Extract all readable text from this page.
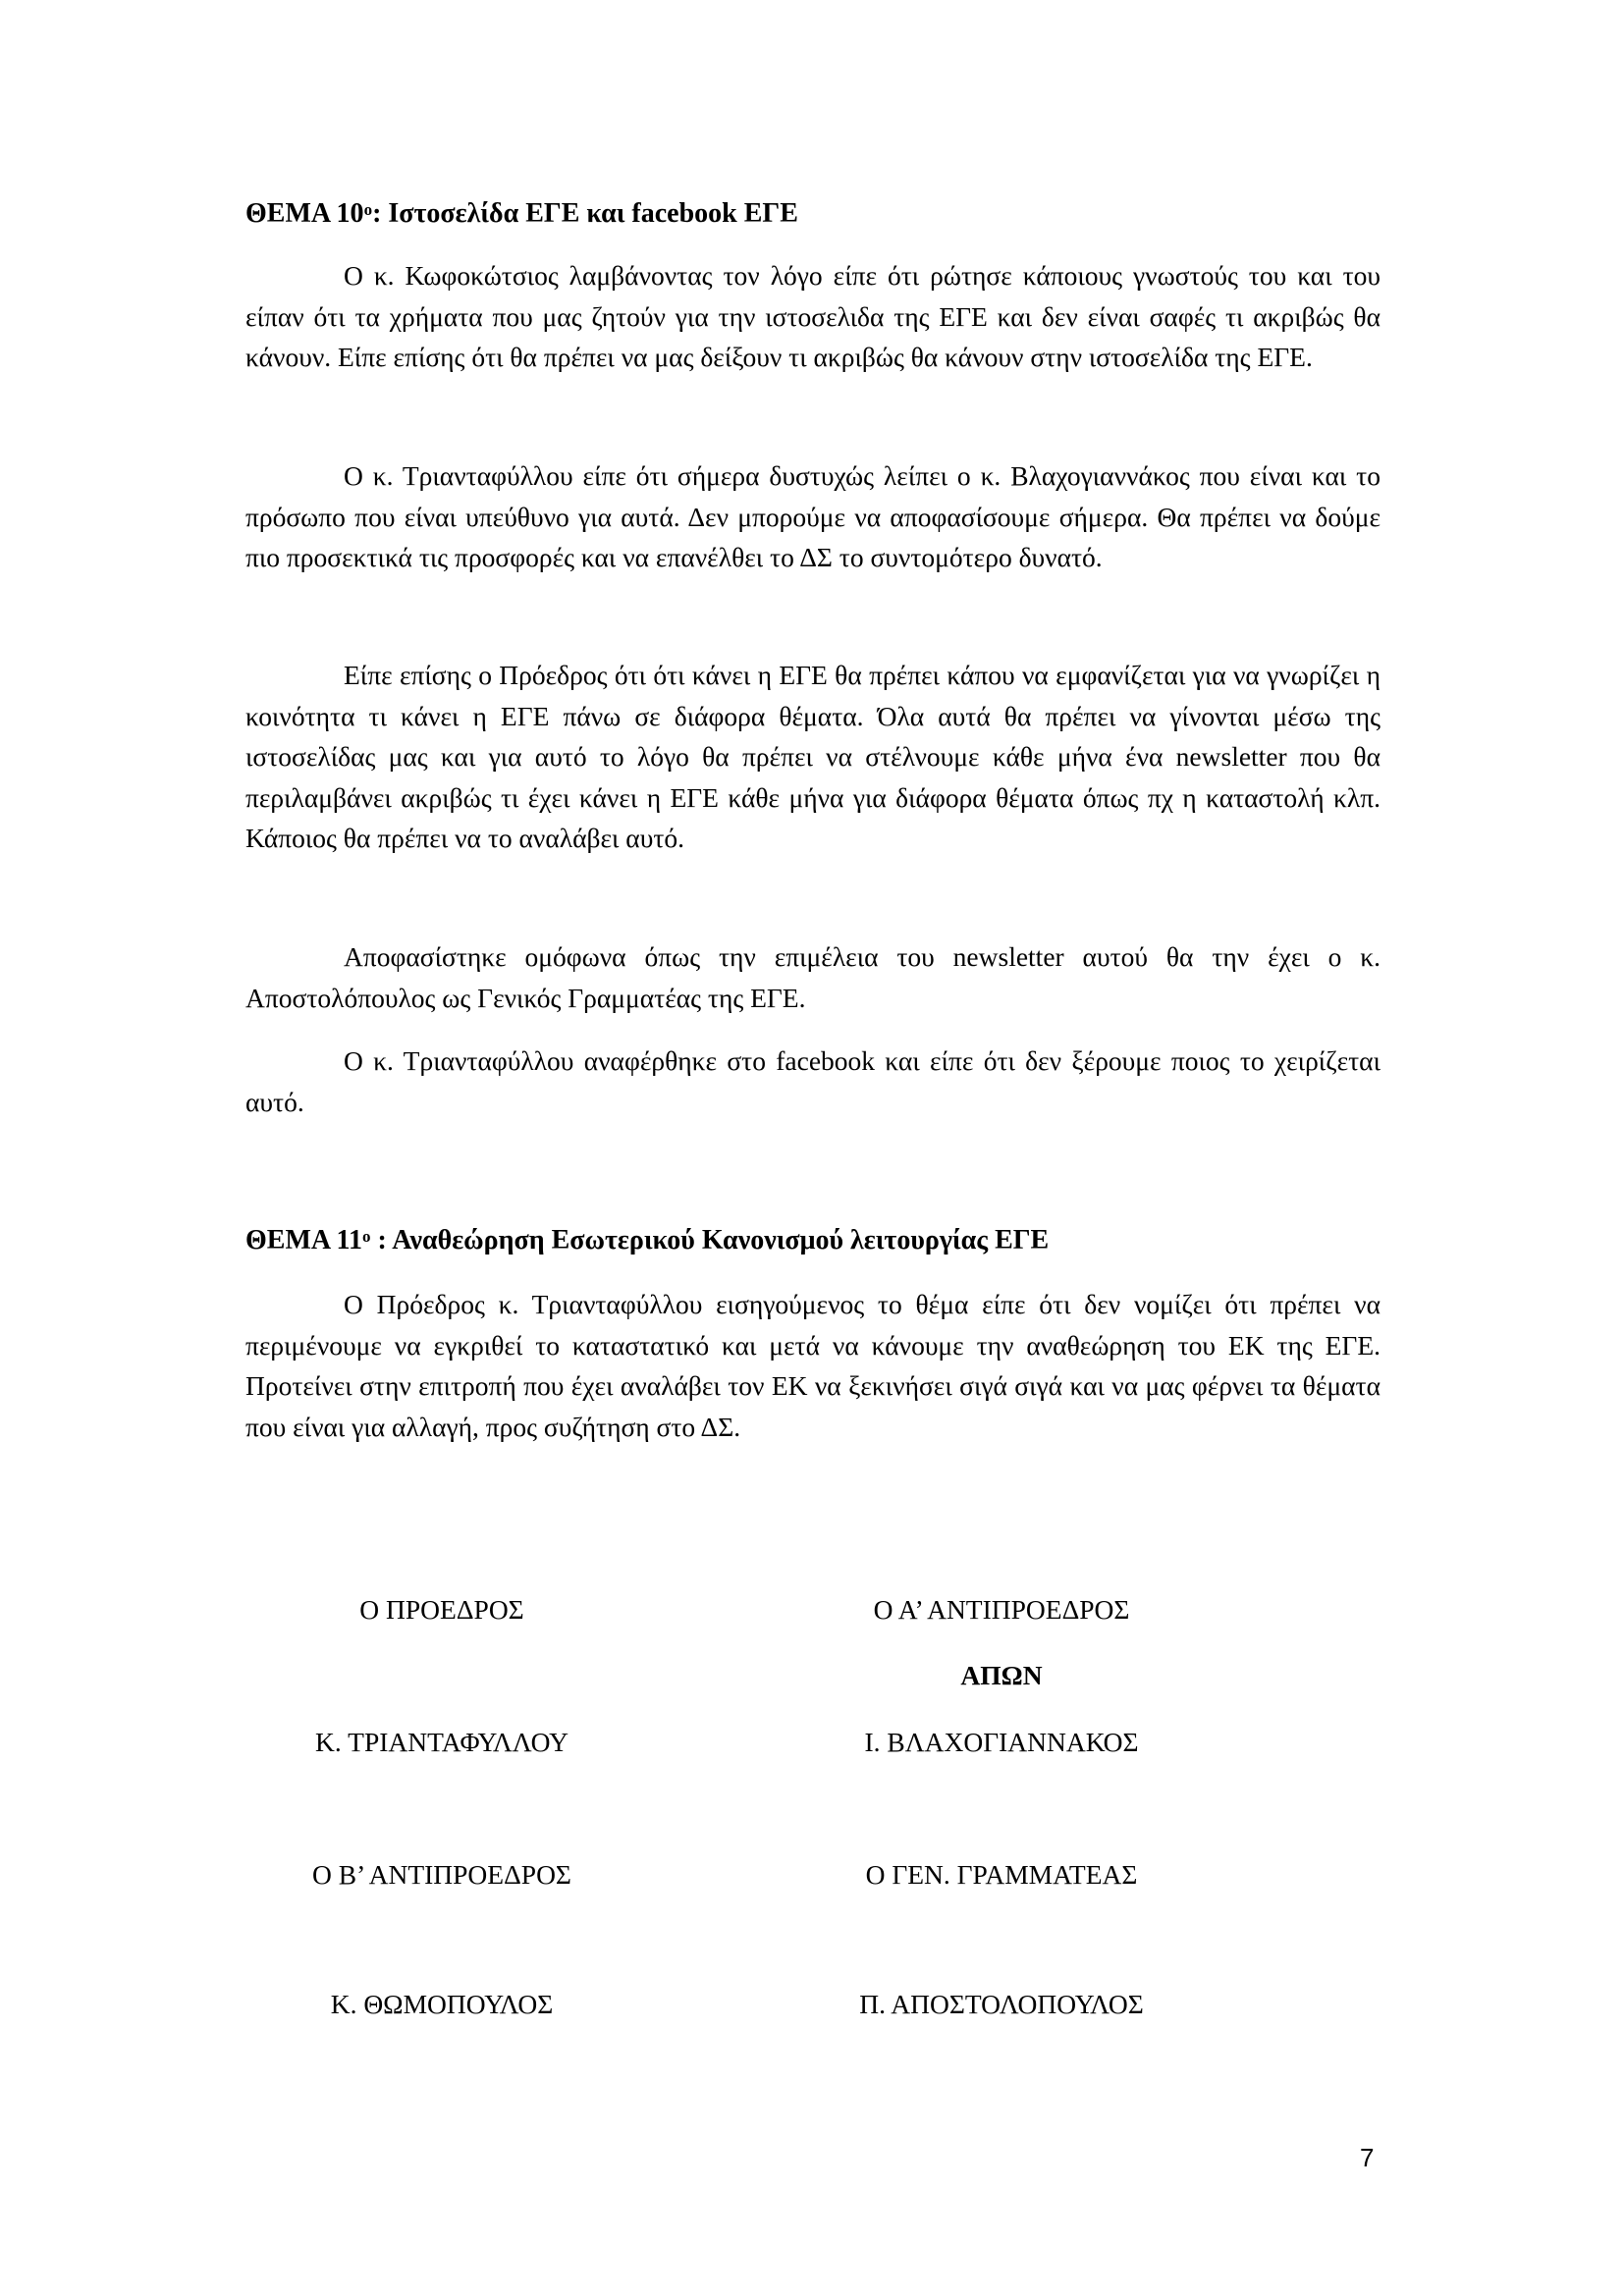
ΘΕΜΑ $10^o$: Ιστοσελίδα ΕΓΕ και facebook ΕΓΕ

Ο κ. Κωφοκώτσιος λαμβάνοντας τον λόγο είπε ότι ρώτησε κάποιους γνωστούς του και του είπαν ότι τα χρήματα που μας ζητούν για την ιστοσελιδα της ΕΓΕ και δεν είναι σαφές τι ακριβώς θα κάνουν. Είπε επίσης ότι θα πρέπει να μας δείξουν τι ακριβώς θα κάνουν στην ιστοσελίδα της ΕΓΕ.

Ο κ. Τριανταφύλλου είπε ότι σήμερα δυστυχώς λείπει ο κ. Βλαχογιαννάκος που είναι και το πρόσωπο που είναι υπεύθυνο για αυτά. Δεν μπορούμε να αποφασίσουμε σήμερα. Θα πρέπει να δούμε πιο προσεκτικά τις προσφορές και να επανέλθει το ΔΣ το συντομότερο δυνατό.

Είπε επίσης ο Πρόεδρος ότι ότι κάνει η ΕΓΕ θα πρέπει κάπου να εμφανίζεται για να γνωρίζει η κοινότητα τι κάνει η ΕΓΕ πάνω σε διάφορα θέματα. Όλα αυτά θα πρέπει να γίνονται μέσω της ιστοσελίδας μας και για αυτό το λόγο θα πρέπει να στέλνουμε κάθε μήνα ένα newsletter που θα περιλαμβάνει ακριβώς τι έχει κάνει η ΕΓΕ κάθε μήνα για διάφορα θέματα όπως πχ η καταστολή κλπ. Κάποιος θα πρέπει να το αναλάβει αυτό.

Αποφασίστηκε ομόφωνα όπως την επιμέλεια του newsletter αυτού θα την έχει ο κ. Αποστολόπουλος ως Γενικός Γραμματέας της ΕΓΕ.

Ο κ. Τριανταφύλλου αναφέρθηκε στο facebook και είπε ότι δεν ξέρουμε ποιος το χειρίζεται αυτό.

ΘΕΜΑ $11^o$ : Αναθεώρηση Εσωτερικού Κανονισμού λειτουργίας ΕΓΕ

Ο Πρόεδρος κ. Τριανταφύλλου εισηγούμενος το θέμα είπε ότι δεν νομίζει ότι πρέπει να περιμένουμε να εγκριθεί το καταστατικό και μετά να κάνουμε την αναθεώρηση του ΕΚ της ΕΓΕ. Προτείνει στην επιτροπή που έχει αναλάβει τον ΕΚ να ξεκινήσει σιγά σιγά και να μας φέρνει τα θέματα που είναι για αλλαγή, προς συζήτηση στο ΔΣ.

Ο ΠΡΟΕΔΡΟΣ	Ο Α’ ΑΝΤΙΠΡΟΕΔΡΟΣ
ΑΠΩΝ
Κ. ΤΡΙΑΝΤΑΦΥΛΛΟΥ	Ι. ΒΛΑΧΟΓΙΑΝΝΑΚΟΣ
Ο Β’ ΑΝΤΙΠΡΟΕΔΡΟΣ	Ο ΓΕΝ. ΓΡΑΜΜΑΤΕΑΣ
Κ. ΘΩΜΟΠΟΥΛΟΣ	Π. ΑΠΟΣΤΟΛΟΠΟΥΛΟΣ
7
